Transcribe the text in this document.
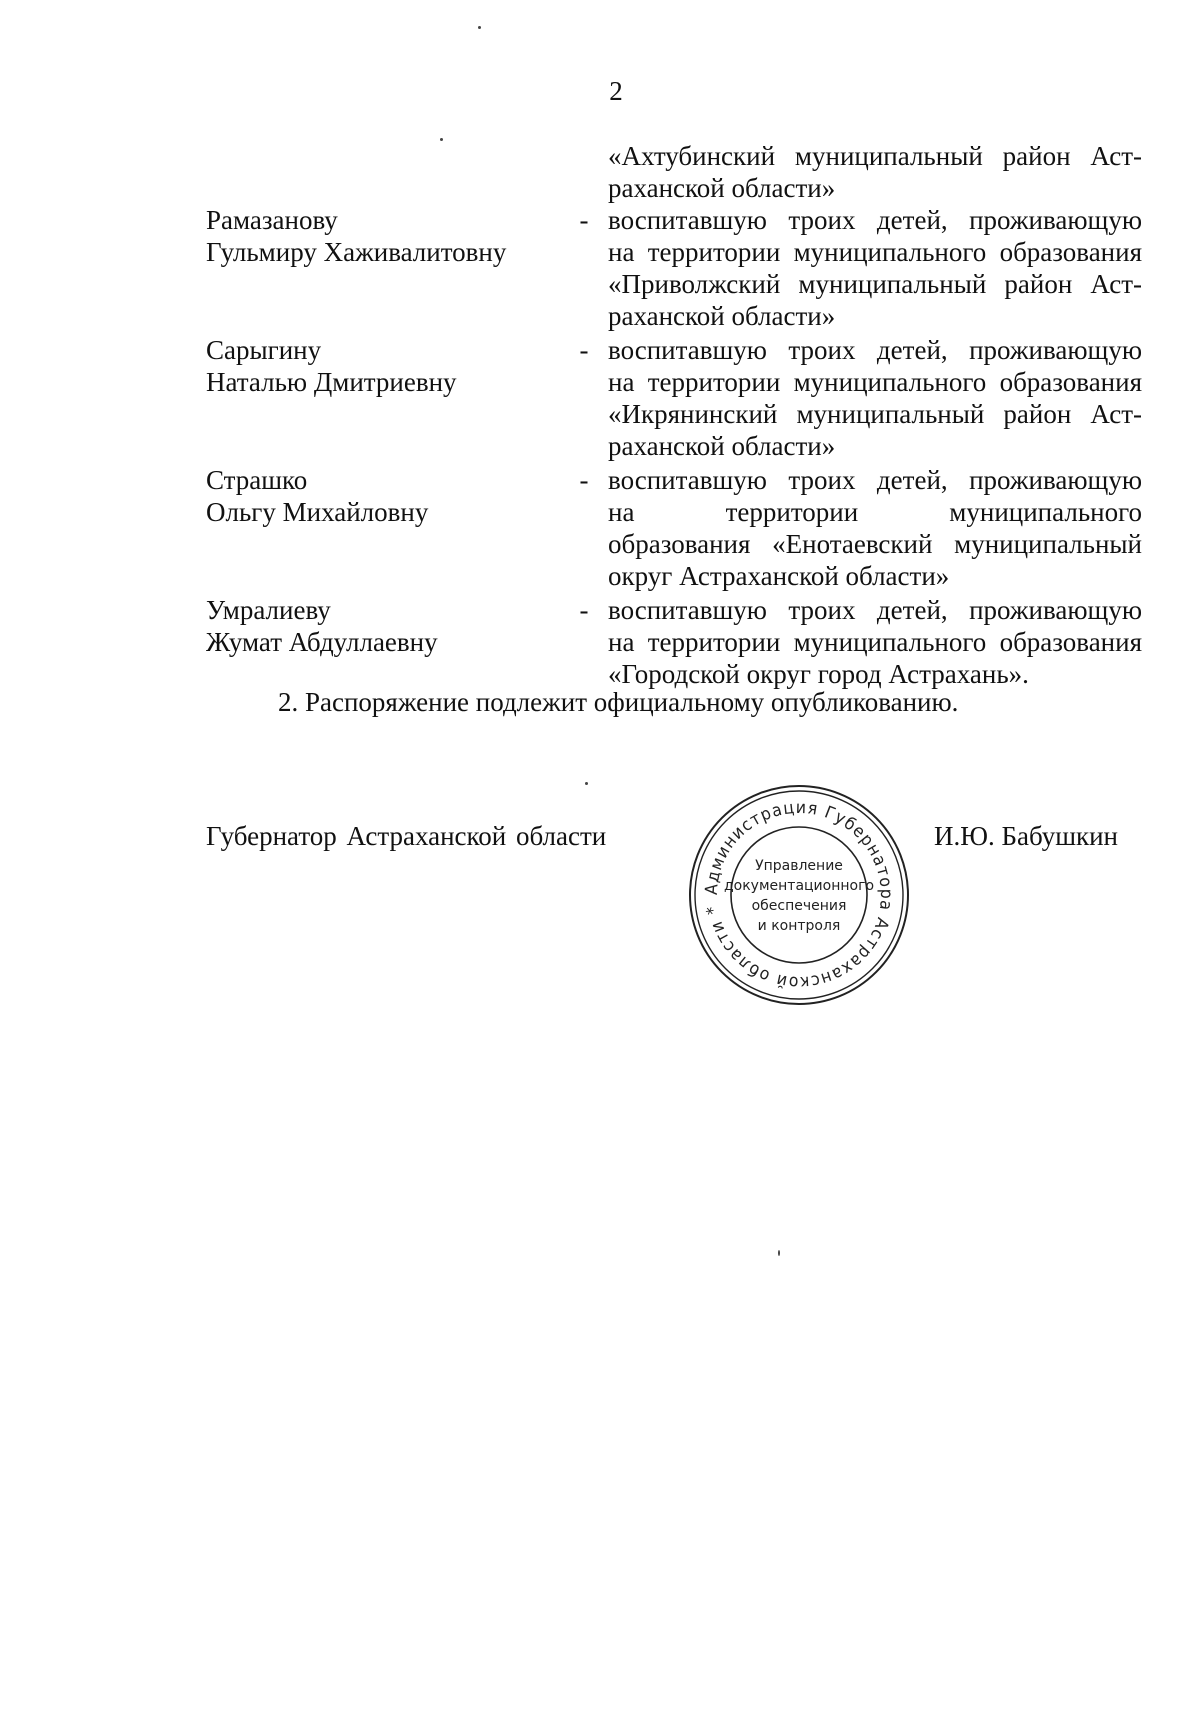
2
«Ахтубинский муниципальный район Аст-
раханской области»
Рамазанову
Гульмиру Хаживалитовну
- воспитавшую троих детей, проживающую
на территории муниципального образования
«Приволжский муниципальный район Аст-
раханской области»
Сарыгину
Наталью Дмитриевну
- воспитавшую троих детей, проживающую
на территории муниципального образования
«Икрянинский муниципальный район Аст-
раханской области»
Страшко
Ольгу Михайловну
- воспитавшую троих детей, проживающую
на территории муниципального
образования «Енотаевский муниципальный
округ Астраханской области»
Умралиеву
Жумат Абдуллаевну
- воспитавшую троих детей, проживающую
на территории муниципального образования
«Городской округ город Астрахань».
2. Распоряжение подлежит официальному опубликованию.
Губернатор Астраханской области	И.Ю. Бабушкин
Администрация Губернатора Астраханской области *
Управление
документационного
обеспечения
и контроля
